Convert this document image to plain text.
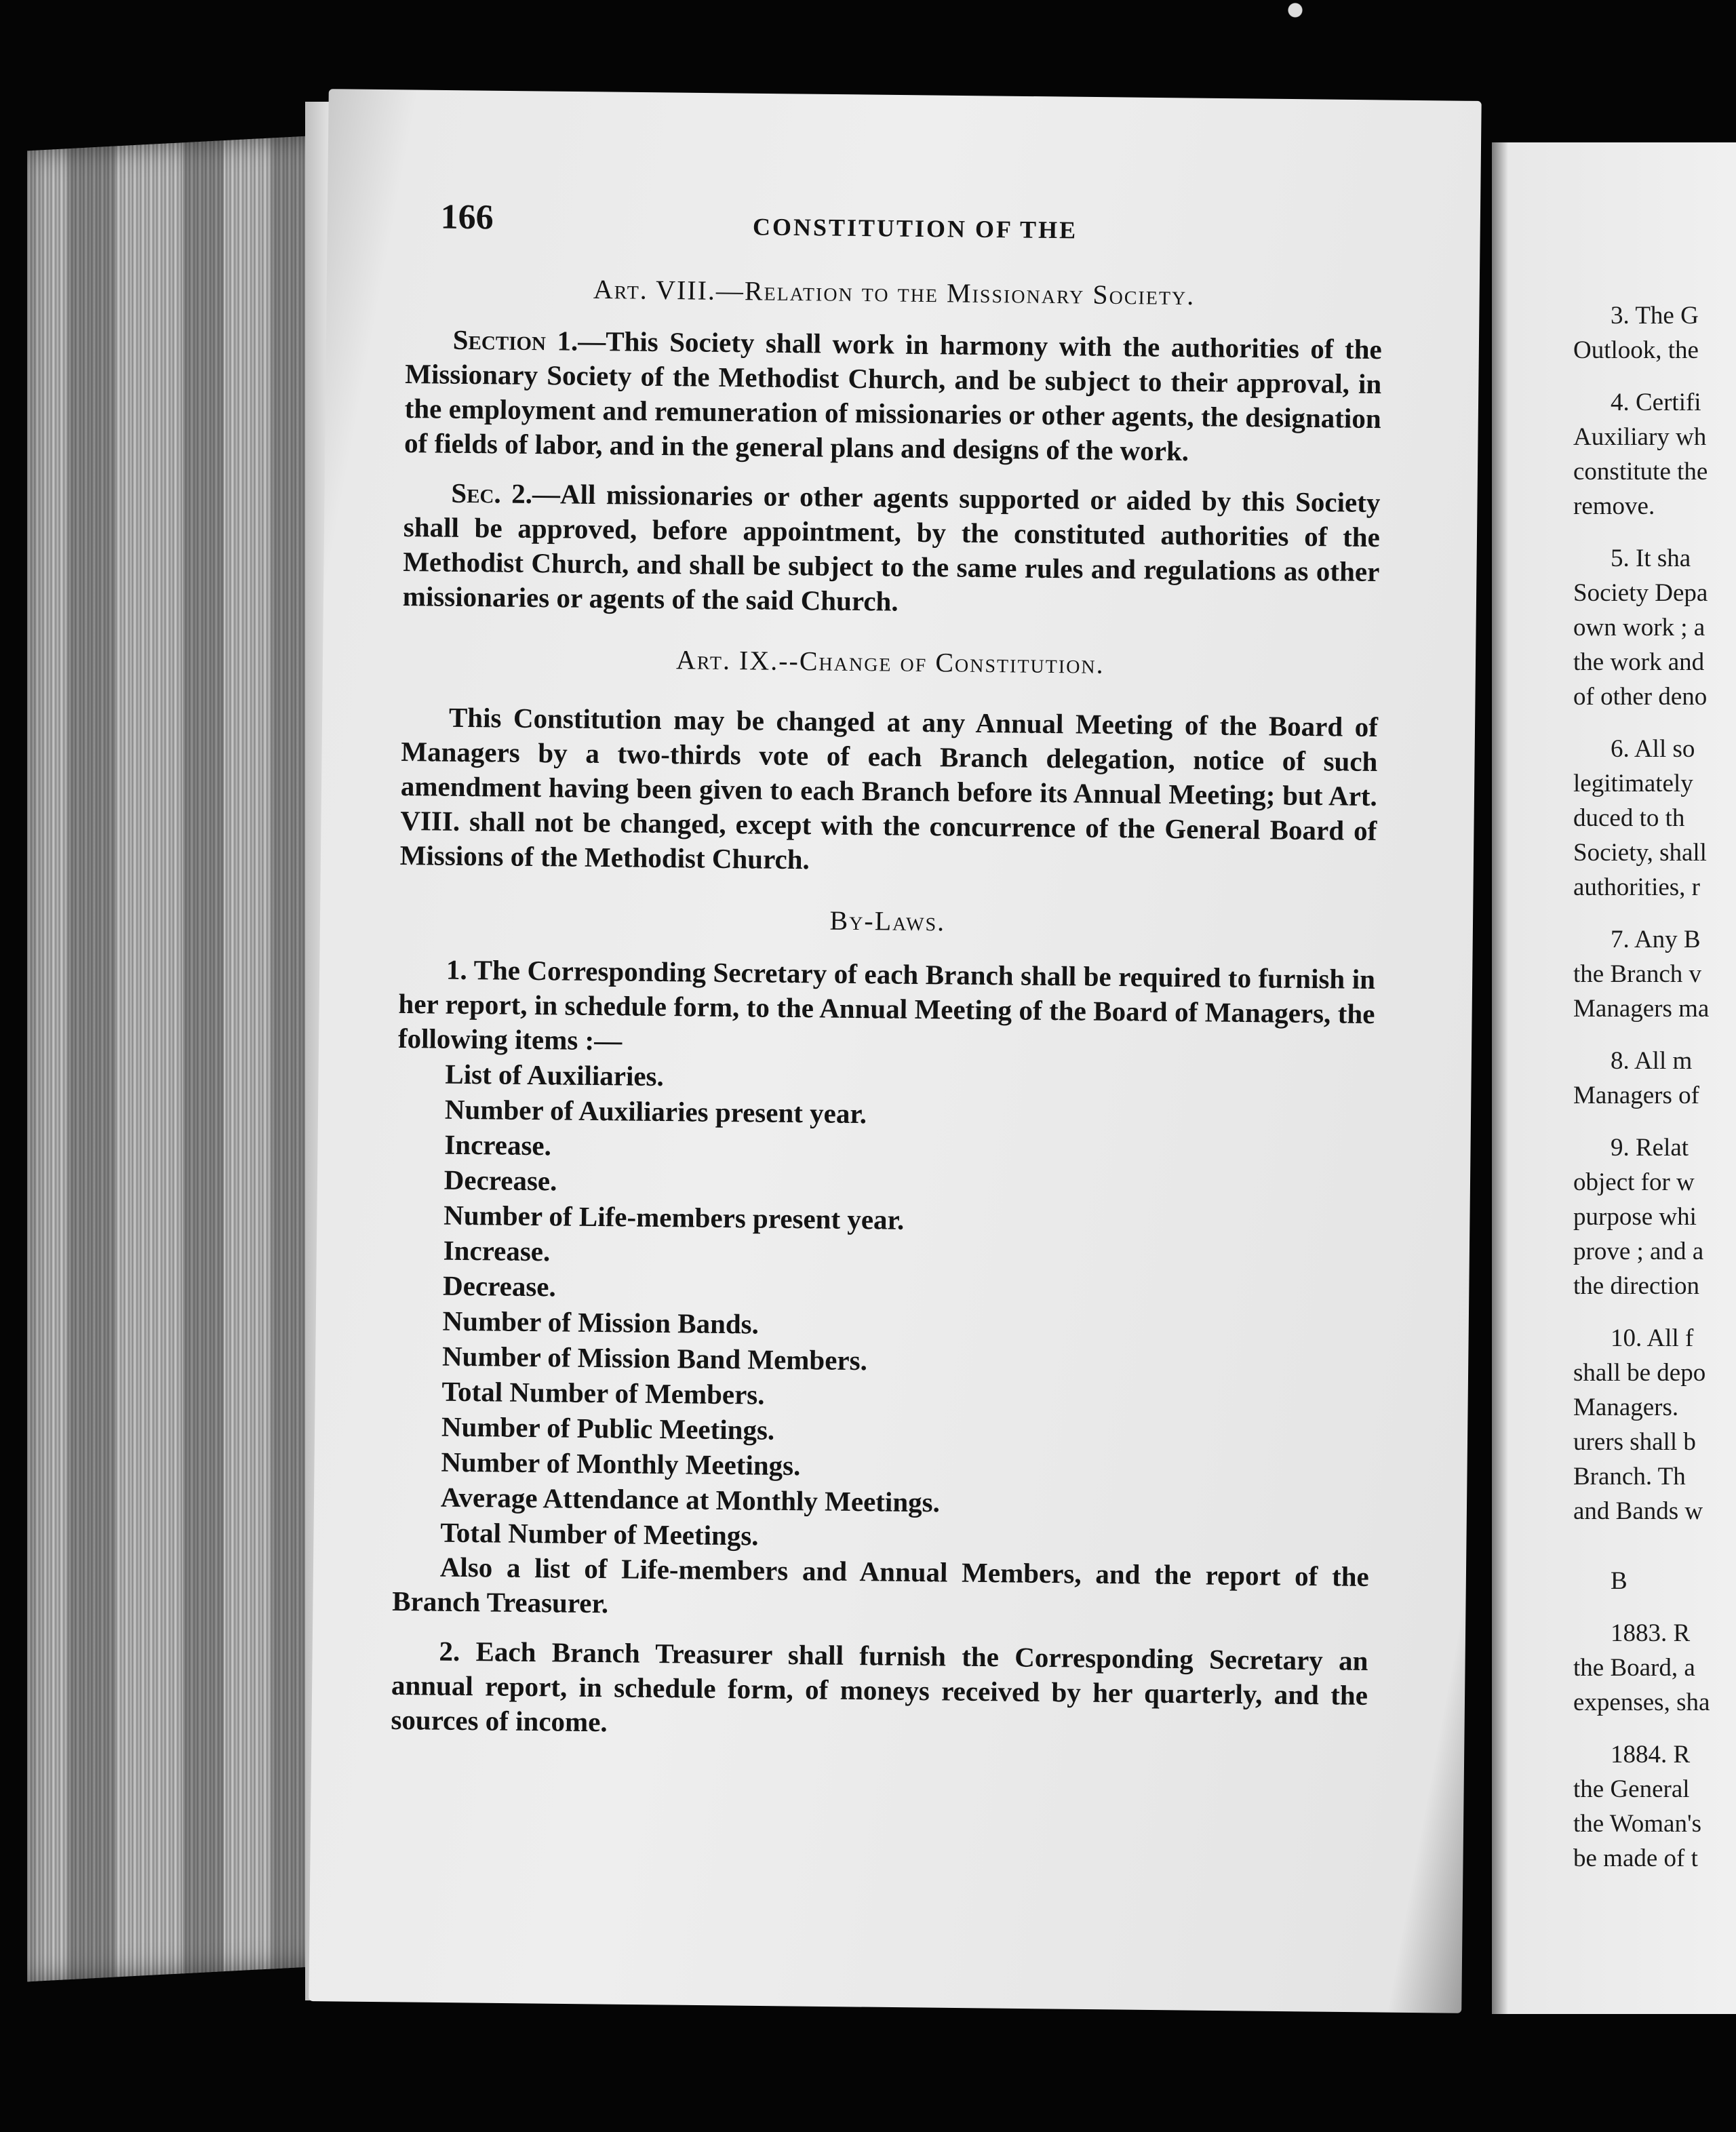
166	CONSTITUTION OF THE
Art. VIII.—Relation to the Missionary Society.

Section 1.—This Society shall work in harmony with the authorities of the Missionary Society of the Methodist Church, and be subject to their approval, in the employment and remuneration of missionaries or other agents, the designation of fields of labor, and in the general plans and designs of the work.

Sec. 2.—All missionaries or other agents supported or aided by this Society shall be approved, before appointment, by the constituted authorities of the Methodist Church, and shall be subject to the same rules and regulations as other missionaries or agents of the said Church.

Art. IX.--Change of Constitution.

This Constitution may be changed at any Annual Meeting of the Board of Managers by a two-thirds vote of each Branch delegation, notice of such amendment having been given to each Branch before its Annual Meeting; but Art. VIII. shall not be changed, except with the concurrence of the General Board of Missions of the Methodist Church.

By-Laws.

1. The Corresponding Secretary of each Branch shall be required to furnish in her report, in schedule form, to the Annual Meeting of the Board of Managers, the following items :—

List of Auxiliaries.
Number of Auxiliaries present year.
Increase.
Decrease.
Number of Life-members present year.
Increase.
Decrease.
Number of Mission Bands.
Number of Mission Band Members.
Total Number of Members.
Number of Public Meetings.
Number of Monthly Meetings.
Average Attendance at Monthly Meetings.
Total Number of Meetings.

Also a list of Life-members and Annual Members, and the report of the Branch Treasurer.

2. Each Branch Treasurer shall furnish the Corresponding Secretary an annual report, in schedule form, of moneys received by her quarterly, and the sources of income.

3. The G
Outlook, the
4. Certifi
Auxiliary wh
constitute the
remove.
5. It sha
Society Depa
own work ; a
the work and
of other deno
6. All so
legitimately
duced to th
Society, shall
authorities, r
7. Any B
the Branch v
Managers ma
8. All m
Managers of
9. Relat
object for w
purpose whi
prove ; and a
the direction
10. All f
shall be depo
Managers.
urers shall b
Branch. Th
and Bands w
B
1883. R
the Board, a
expenses, sha
1884. R
the General
the Woman's
be made of t
